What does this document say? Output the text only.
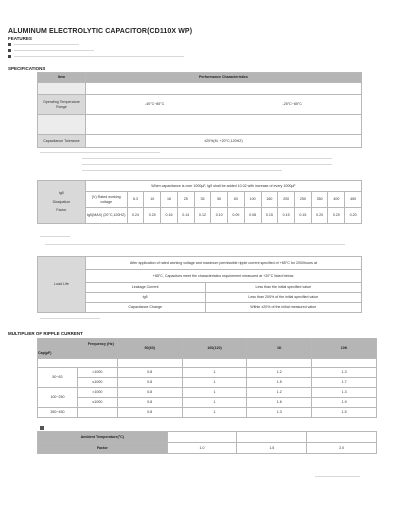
ALUMINUM ELECTROLYTIC CAPACITOR(CD110X WP)
FEATURES
SPECIFICATIONS
Item	Performance Characteristics

Operating Temperature Range	-40°C~85°C -25°C~85°C

Capacitance Tolerance	±20%(M, +20°C,120HZ)
tgδ
Dissipation
Factor	When capacitance is over 1000µF, tgδ shall be added 10.02 with increase of every 1000µF														
	(V) Rated working voltage	6.3	10	16	25	35	50	63	100	160	200	250	350	400	450
	tgδ(MAX) (20°C,120HZ)	0.24	0.20	0.16	0.14	0.12	0.10	0.09	0.08	0.15	0.15	0.15	0.20	0.20	0.20
Load Life	After application of rated working voltage and maximum permissible ripple current specified of +85°C for 2000hours at	
	+85°C, Capacitors meet the characteristics requirement measured at +20°C listed below:	
	Leakage Current	Less than the initial specified value
	tgδ	Less than 200% of the initial specified value
	Capacitance Change	Within ±20% of the initial measured value
MULTIPLIER OF RIPPLE CURRENT
Frequency (Hz)
Cap(µF)		50(60)	100(120)	1K	10K

50~63	>1000	0.8	1	1.2	1.3
	≤1000	0.8	1	1.5	1.7
100~250	>1000	0.8	1	1.2	1.3
	≤1000	0.8	1	1.6	1.9
350~450		0.8	1	1.3	1.5
Ambient Temperature(°C)			
Factor	1.0	1.5	2.0
